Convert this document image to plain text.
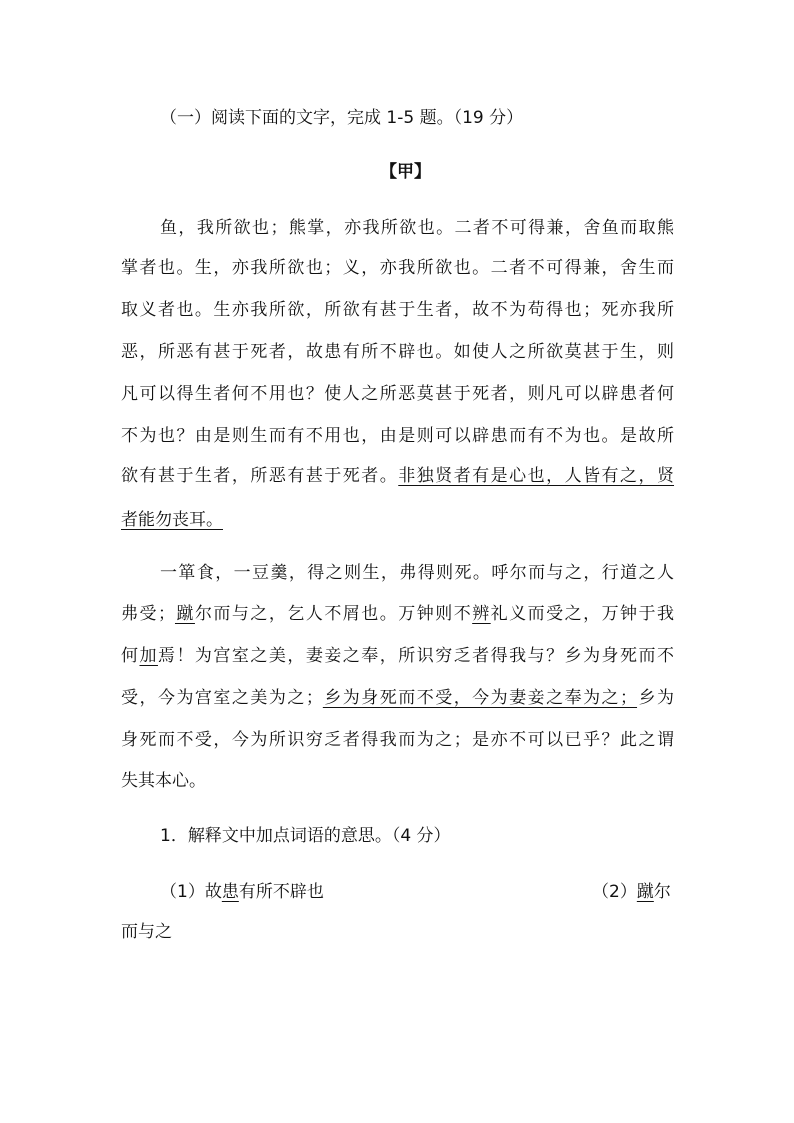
（一）阅读下面的文字，完成 1-5 题。（19 分）
【甲】
鱼，我所欲也；熊掌，亦我所欲也。二者不可得兼，舍鱼而取熊
掌者也。生，亦我所欲也；义，亦我所欲也。二者不可得兼，舍生而
取义者也。生亦我所欲，所欲有甚于生者，故不为苟得也；死亦我所
恶，所恶有甚于死者，故患有所不辟也。如使人之所欲莫甚于生，则
凡可以得生者何不用也？使人之所恶莫甚于死者，则凡可以辟患者何
不为也？由是则生而有不用也，由是则可以辟患而有不为也。是故所
欲有甚于生者，所恶有甚于死者。非独贤者有是心也，人皆有之，贤
者能勿丧耳。
一箪食，一豆羹，得之则生，弗得则死。呼尔而与之，行道之人
弗受；蹴尔而与之，乞人不屑也。万钟则不辨礼义而受之，万钟于我
何加焉！为宫室之美，妻妾之奉，所识穷乏者得我与？乡为身死而不
受，今为宫室之美为之；乡为身死而不受，今为妻妾之奉为之；乡为
身死而不受，今为所识穷乏者得我而为之；是亦不可以已乎？此之谓
失其本心。
1．解释文中加点词语的意思。（4 分）
（1）故患有所不辟也	（2）蹴尔
而与之
